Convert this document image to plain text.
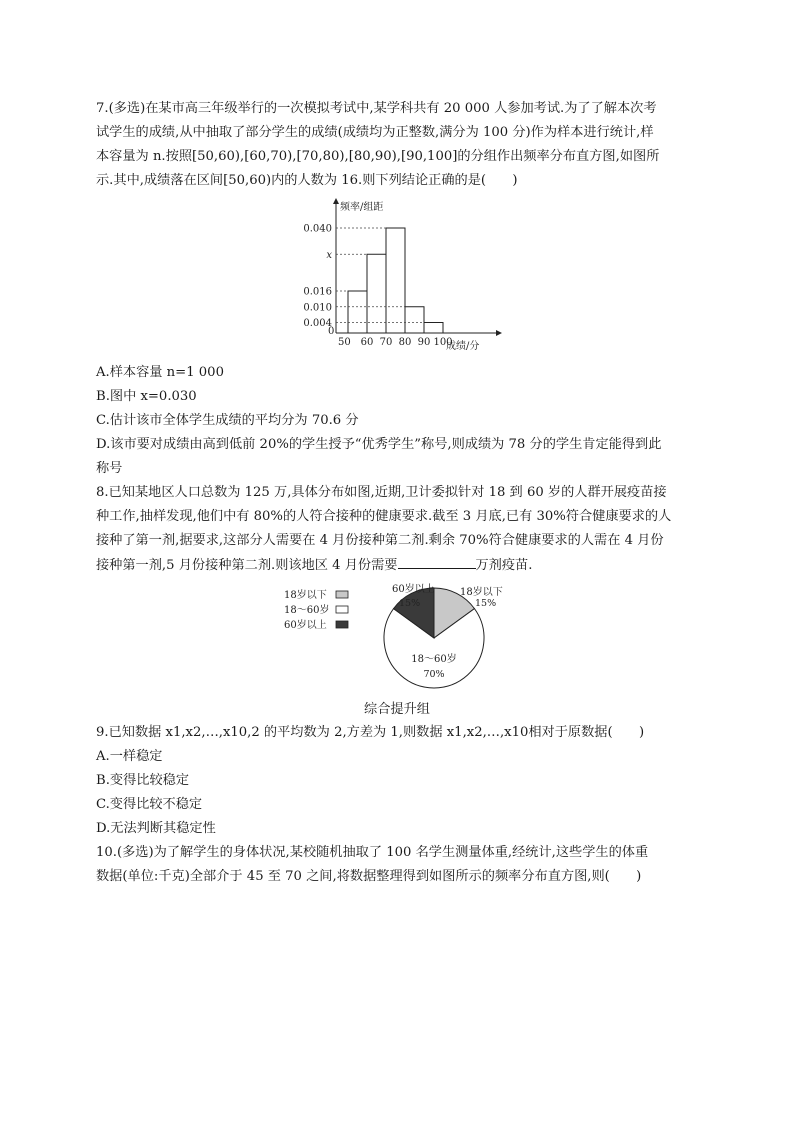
7.(多选)在某市高三年级举行的一次模拟考试中,某学科共有 20 000 人参加考试.为了了解本次考
试学生的成绩,从中抽取了部分学生的成绩(成绩均为正整数,满分为 100 分)作为样本进行统计,样
本容量为 n.按照[50,60),[60,70),[70,80),[80,90),[90,100]的分组作出频率分布直方图,如图所
示.其中,成绩落在区间[50,60)内的人数为 16.则下列结论正确的是(　　)
频率/组距
成绩/分
0
0.040
x
0.016
0.010
0.004
50 60 70 80 90 100
A.样本容量 n=1 000
B.图中 x=0.030
C.估计该市全体学生成绩的平均分为 70.6 分
D.该市要对成绩由高到低前 20%的学生授予“优秀学生”称号,则成绩为 78 分的学生肯定能得到此
称号
8.已知某地区人口总数为 125 万,具体分布如图,近期,卫计委拟针对 18 到 60 岁的人群开展疫苗接
种工作,抽样发现,他们中有 80%的人符合接种的健康要求.截至 3 月底,已有 30%符合健康要求的人
接种了第一剂,据要求,这部分人需要在 4 月份接种第二剂.剩余 70%符合健康要求的人需在 4 月份
接种第一剂,5 月份接种第二剂.则该地区 4 月份需要	万剂疫苗.
18岁以下
18～60岁
60岁以上
18岁以下
15%
60岁以上
15%
18～60岁
70%
综合提升组
9.已知数据 x1,x2,…,x10,2 的平均数为 2,方差为 1,则数据 x1,x2,…,x10相对于原数据(　　)
A.一样稳定
B.变得比较稳定
C.变得比较不稳定
D.无法判断其稳定性
10.(多选)为了解学生的身体状况,某校随机抽取了 100 名学生测量体重,经统计,这些学生的体重
数据(单位:千克)全部介于 45 至 70 之间,将数据整理得到如图所示的频率分布直方图,则(　　)
